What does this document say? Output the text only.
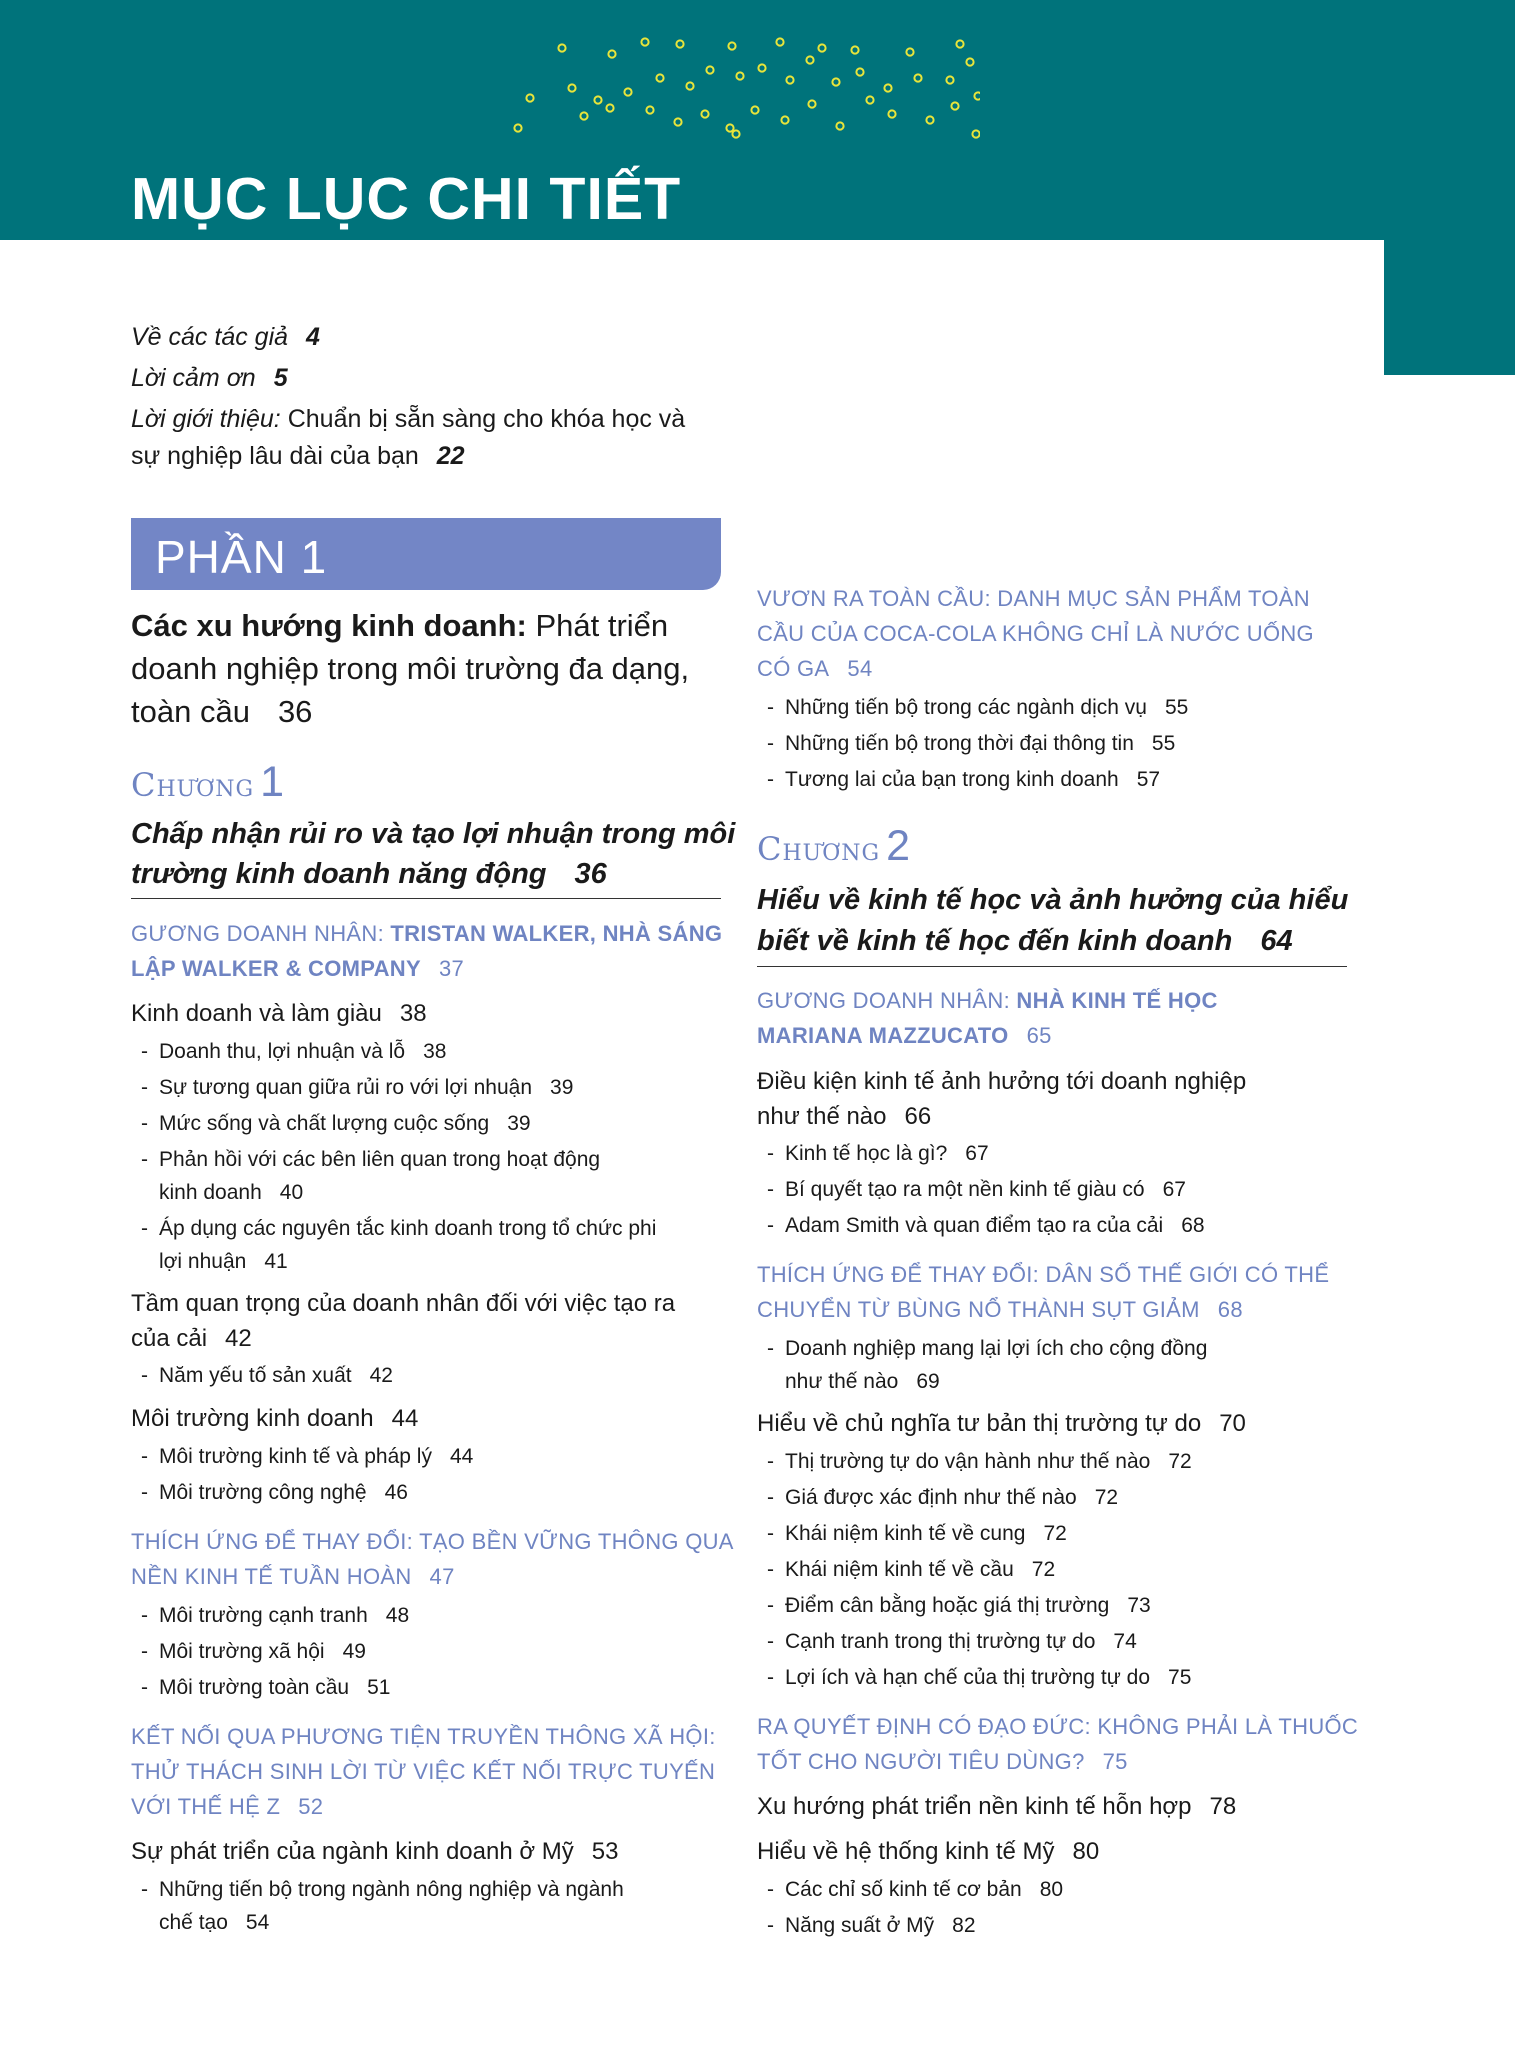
MỤC LỤC CHI TIẾT
Về các tác giả 4
Lời cảm ơn 5
Lời giới thiệu: Chuẩn bị sẵn sàng cho khóa học và
sự nghiệp lâu dài của bạn 22
Các xu hướng kinh doanh: Phát triển
doanh nghiệp trong môi trường đa dạng,
toàn cầu 36
Chương 1
Chấp nhận rủi ro và tạo lợi nhuận trong môi
trường kinh doanh năng động 36
GƯƠNG DOANH NHÂN: TRISTAN WALKER, NHÀ SÁNG
LẬP WALKER & COMPANY 37
Kinh doanh và làm giàu 38
- Doanh thu, lợi nhuận và lỗ 38
- Sự tương quan giữa rủi ro với lợi nhuận 39
- Mức sống và chất lượng cuộc sống 39
- Phản hồi với các bên liên quan trong hoạt động
kinh doanh 40
- Áp dụng các nguyên tắc kinh doanh trong tổ chức phi
lợi nhuận 41
Tầm quan trọng của doanh nhân đối với việc tạo ra
của cải 42
- Năm yếu tố sản xuất 42
Môi trường kinh doanh 44
- Môi trường kinh tế và pháp lý 44
- Môi trường công nghệ 46
THÍCH ỨNG ĐỂ THAY ĐỔI: TẠO BỀN VỮNG THÔNG QUA
NỀN KINH TẾ TUẦN HOÀN 47
- Môi trường cạnh tranh 48
- Môi trường xã hội 49
- Môi trường toàn cầu 51
KẾT NỐI QUA PHƯƠNG TIỆN TRUYỀN THÔNG XÃ HỘI:
THỬ THÁCH SINH LỜI TỪ VIỆC KẾT NỐI TRỰC TUYẾN
VỚI THẾ HỆ Z 52
Sự phát triển của ngành kinh doanh ở Mỹ 53
- Những tiến bộ trong ngành nông nghiệp và ngành
chế tạo 54
PHẦN 1
VƯƠN RA TOÀN CẦU: DANH MỤC SẢN PHẨM TOÀN
CẦU CỦA COCA-COLA KHÔNG CHỈ LÀ NƯỚC UỐNG
CÓ GA 54
- Những tiến bộ trong các ngành dịch vụ 55
- Những tiến bộ trong thời đại thông tin 55
- Tương lai của bạn trong kinh doanh 57
Chương 2
Hiểu về kinh tế học và ảnh hưởng của hiểu
biết về kinh tế học đến kinh doanh 64
GƯƠNG DOANH NHÂN: NHÀ KINH TẾ HỌC
MARIANA MAZZUCATO 65
Điều kiện kinh tế ảnh hưởng tới doanh nghiệp
như thế nào 66
- Kinh tế học là gì? 67
- Bí quyết tạo ra một nền kinh tế giàu có 67
- Adam Smith và quan điểm tạo ra của cải 68
THÍCH ỨNG ĐỂ THAY ĐỔI: DÂN SỐ THẾ GIỚI CÓ THỂ
CHUYỂN TỪ BÙNG NỔ THÀNH SỤT GIẢM 68
- Doanh nghiệp mang lại lợi ích cho cộng đồng
như thế nào 69
Hiểu về chủ nghĩa tư bản thị trường tự do 70
- Thị trường tự do vận hành như thế nào 72
- Giá được xác định như thế nào 72
- Khái niệm kinh tế về cung 72
- Khái niệm kinh tế về cầu 72
- Điểm cân bằng hoặc giá thị trường 73
- Cạnh tranh trong thị trường tự do 74
- Lợi ích và hạn chế của thị trường tự do 75
RA QUYẾT ĐỊNH CÓ ĐẠO ĐỨC: KHÔNG PHẢI LÀ THUỐC
TỐT CHO NGƯỜI TIÊU DÙNG? 75
Xu hướng phát triển nền kinh tế hỗn hợp 78
Hiểu về hệ thống kinh tế Mỹ 80
- Các chỉ số kinh tế cơ bản 80
- Năng suất ở Mỹ 82
